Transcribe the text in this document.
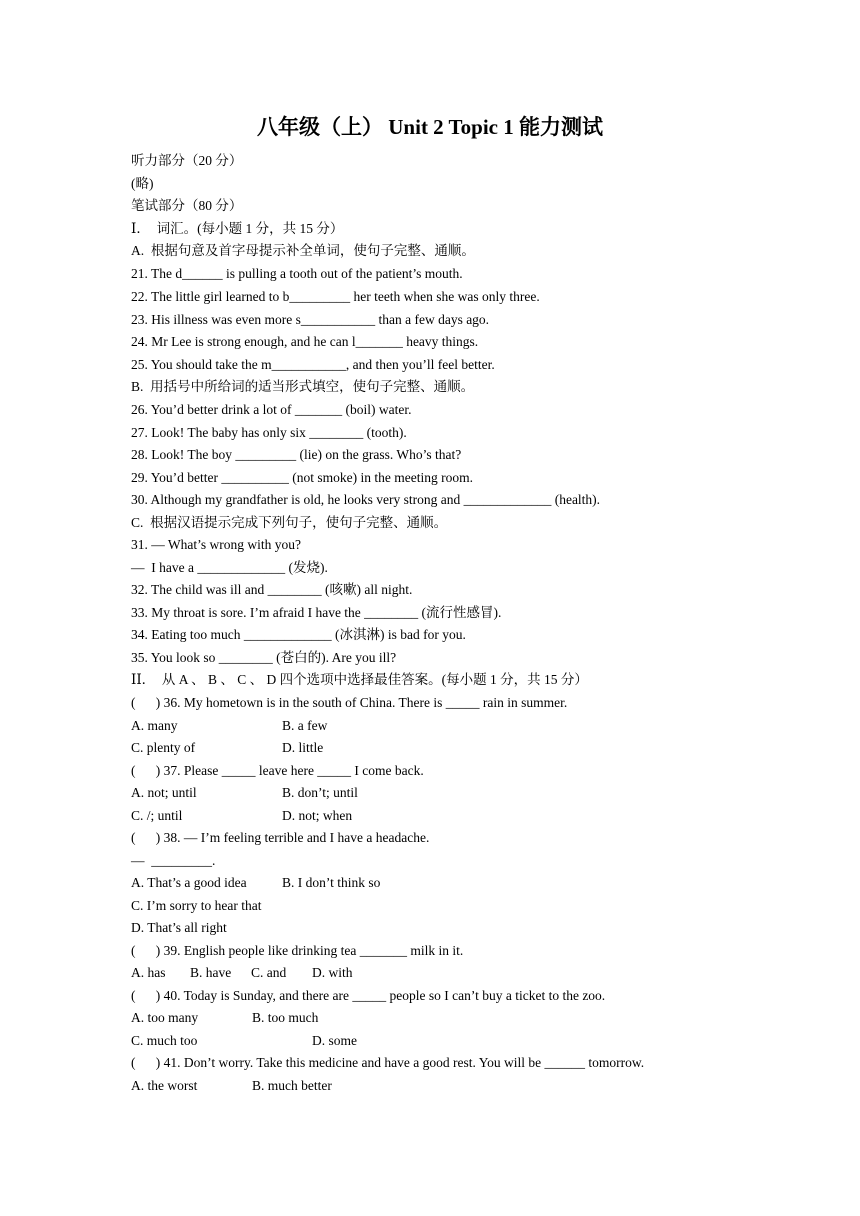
八年级（上） Unit 2 Topic 1 能力测试
听力部分（20 分）
(略)
笔试部分（80 分）
Ⅰ．  词汇。(每小题 1 分，共 15 分）
A.  根据句意及首字母提示补全单词，使句子完整、通顺。
21. The d______ is pulling a tooth out of the patient’s mouth.
22. The little girl learned to b_________ her teeth when she was only three.
23. His illness was even more s___________ than a few days ago.
24. Mr Lee is strong enough, and he can l_______ heavy things.
25. You should take the m___________, and then you’ll feel better.
B.  用括号中所给词的适当形式填空，使句子完整、通顺。
26. You’d better drink a lot of _______ (boil) water.
27. Look! The baby has only six ________ (tooth).
28. Look! The boy _________ (lie) on the grass. Who’s that?
29. You’d better __________ (not smoke) in the meeting room.
30. Although my grandfather is old, he looks very strong and _____________ (health).
C.  根据汉语提示完成下列句子，使句子完整、通顺。
31. — What’s wrong with you?
—  I have a _____________ (发烧).
32. The child was ill and ________ (咳嗽) all night.
33. My throat is sore. I’m afraid I have the ________ (流行性感冒).
34. Eating too much _____________ (冰淇淋) is bad for you.
35. You look so ________ (苍白的). Are you ill?
ⅠⅠ．  从 A 、 B 、 C 、 D 四个选项中选择最佳答案。(每小题 1 分，共 15 分）
(      ) 36. My hometown is in the south of China. There is _____ rain in summer.
A. many	B. a few
C. plenty of	D. little
(      ) 37. Please _____ leave here _____ I come back.
A. not; until	B. don’t; until
C. /; until	D. not; when
(      ) 38. — I’m feeling terrible and I have a headache.
—  _________.
A. That’s a good idea	B. I don’t think so
C. I’m sorry to hear that
D. That’s all right
(      ) 39. English people like drinking tea _______ milk in it.
A. has B. have C. and D. with
(      ) 40. Today is Sunday, and there are _____ people so I can’t buy a ticket to the zoo.
A. too many	B. too much
C. much too	D. some
(      ) 41. Don’t worry. Take this medicine and have a good rest. You will be ______ tomorrow.
A. the worst	B. much better
